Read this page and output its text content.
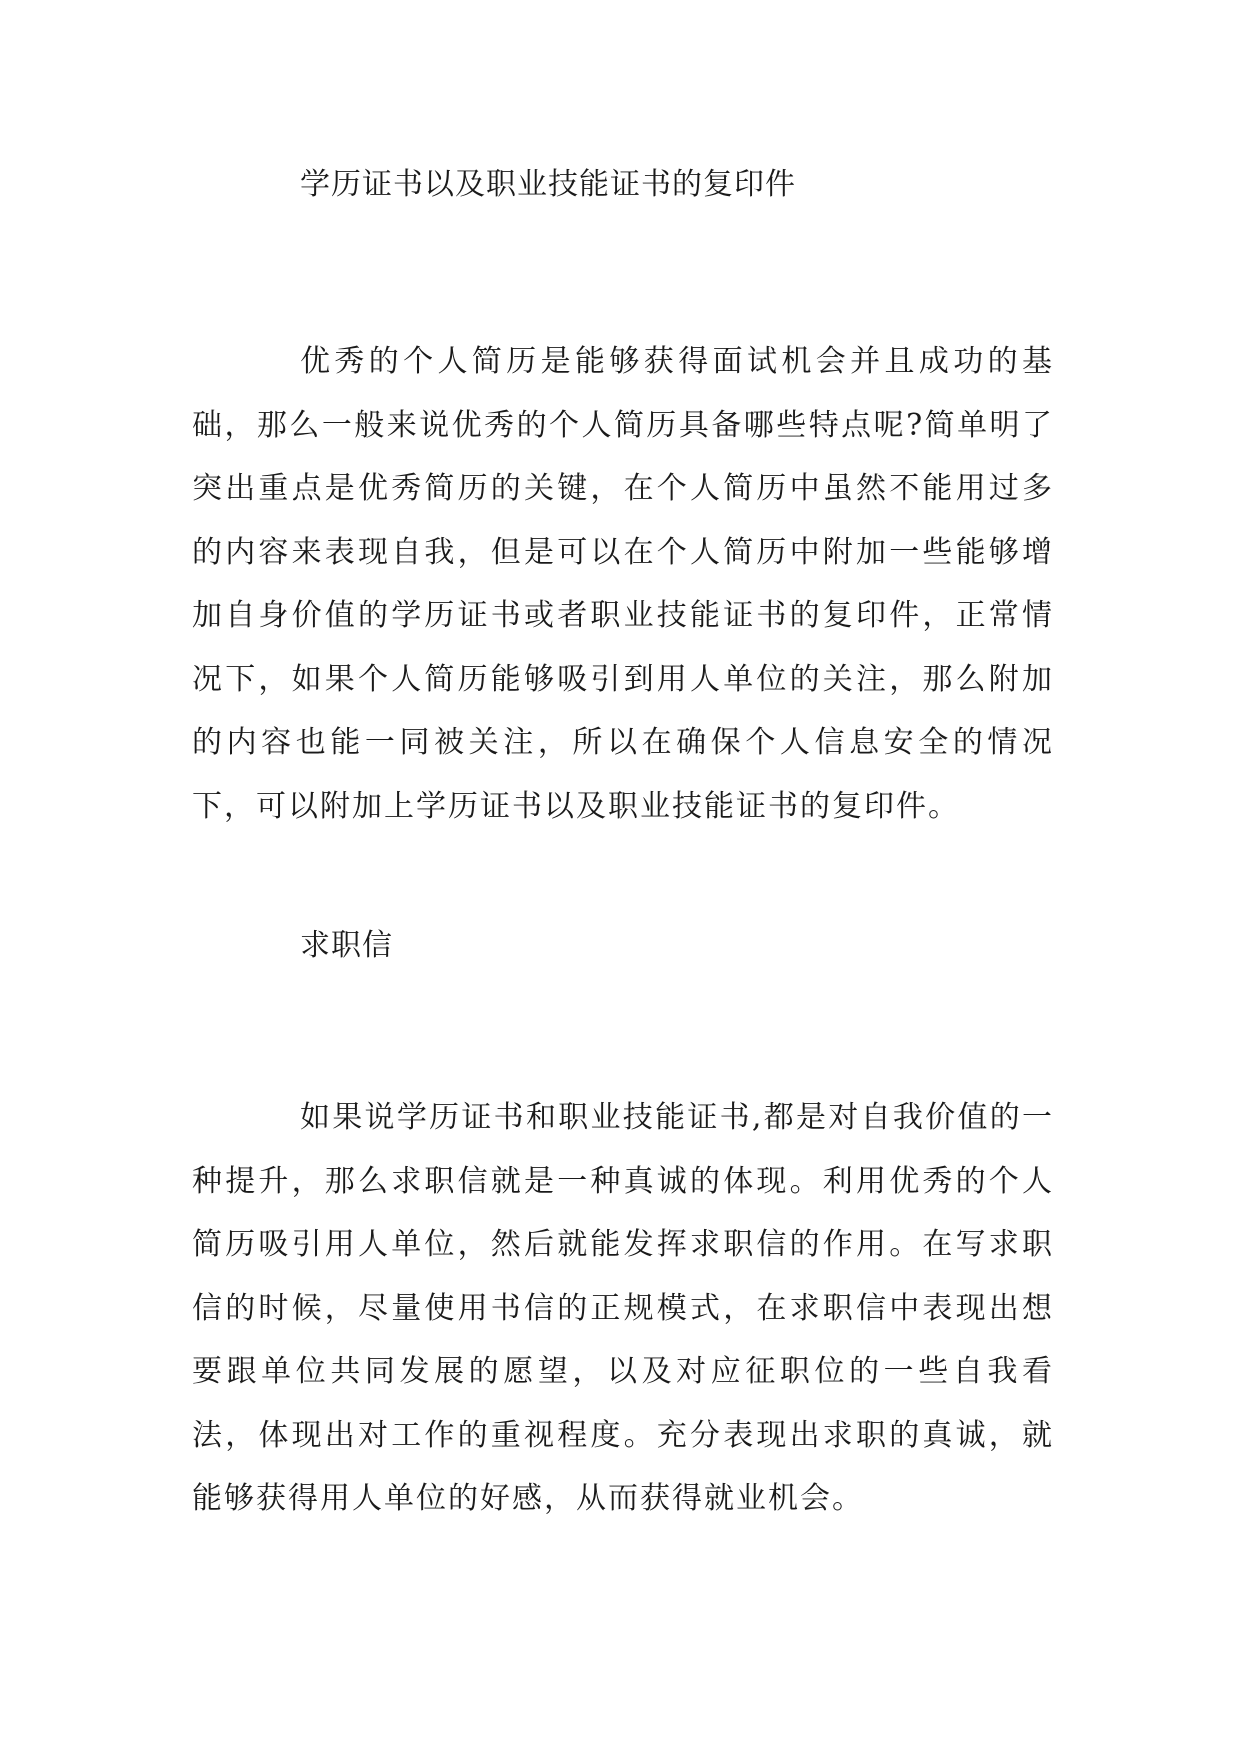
学历证书以及职业技能证书的复印件

优秀的个人简历是能够获得面试机会并且成功的基础，那么一般来说优秀的个人简历具备哪些特点呢?简单明了突出重点是优秀简历的关键，在个人简历中虽然不能用过多的内容来表现自我，但是可以在个人简历中附加一些能够增加自身价值的学历证书或者职业技能证书的复印件，正常情况下，如果个人简历能够吸引到用人单位的关注，那么附加的内容也能一同被关注，所以在确保个人信息安全的情况下，可以附加上学历证书以及职业技能证书的复印件。

求职信

如果说学历证书和职业技能证书,都是对自我价值的一种提升，那么求职信就是一种真诚的体现。利用优秀的个人简历吸引用人单位，然后就能发挥求职信的作用。在写求职信的时候，尽量使用书信的正规模式，在求职信中表现出想要跟单位共同发展的愿望，以及对应征职位的一些自我看法，体现出对工作的重视程度。充分表现出求职的真诚，就能够获得用人单位的好感，从而获得就业机会。
